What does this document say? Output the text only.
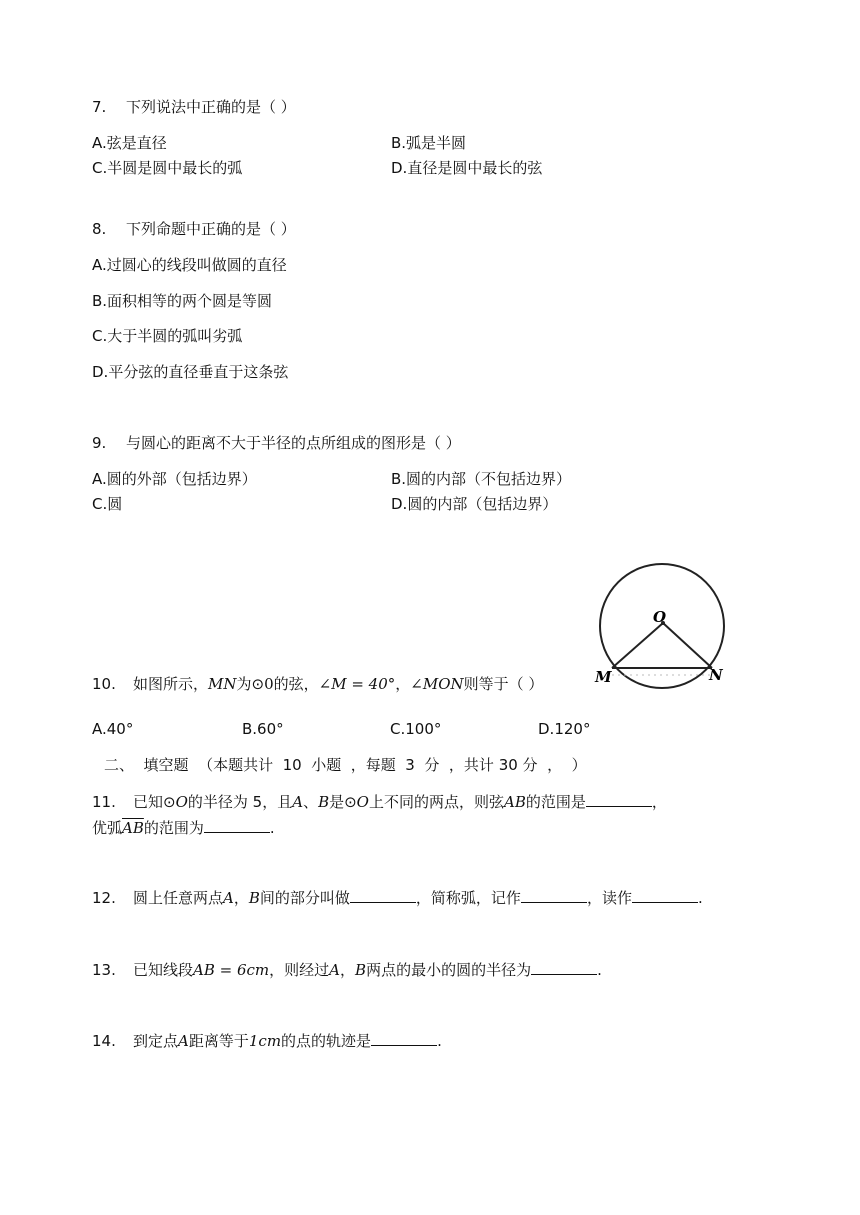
7. 下列说法中正确的是（ ）
A.弦是直径	B.弧是半圆
C.半圆是圆中最长的弧	D.直径是圆中最长的弦
8. 下列命题中正确的是（ ）
A.过圆心的线段叫做圆的直径
B.面积相等的两个圆是等圆
C.大于半圆的弧叫劣弧
D.平分弦的直径垂直于这条弦
9. 与圆心的距离不大于半径的点所组成的图形是（ ）
A.圆的外部（包括边界）	B.圆的内部（不包括边界）
C.圆	D.圆的内部（包括边界）
10. 如图所示，MN为⊙0的弦，∠M = 40°，∠MON则等于（ ）
O
M	N
A.40°	B.60°	C.100°	D.120°
二、  填空题  （本题共计  10  小题  ，每题  3  分  ，共计 30 分  ，  ）
11. 已知⊙O的半径为 5，且A、B是⊙O上不同的两点，则弦AB的范围是	，
优弧$\overline{AB}$的范围为	.
12. 圆上任意两点A，B间的部分叫做	，简称弧，记作	，读作	.
13. 已知线段AB = 6cm，则经过A，B两点的最小的圆的半径为	.
14. 到定点A距离等于1cm的点的轨迹是	.
